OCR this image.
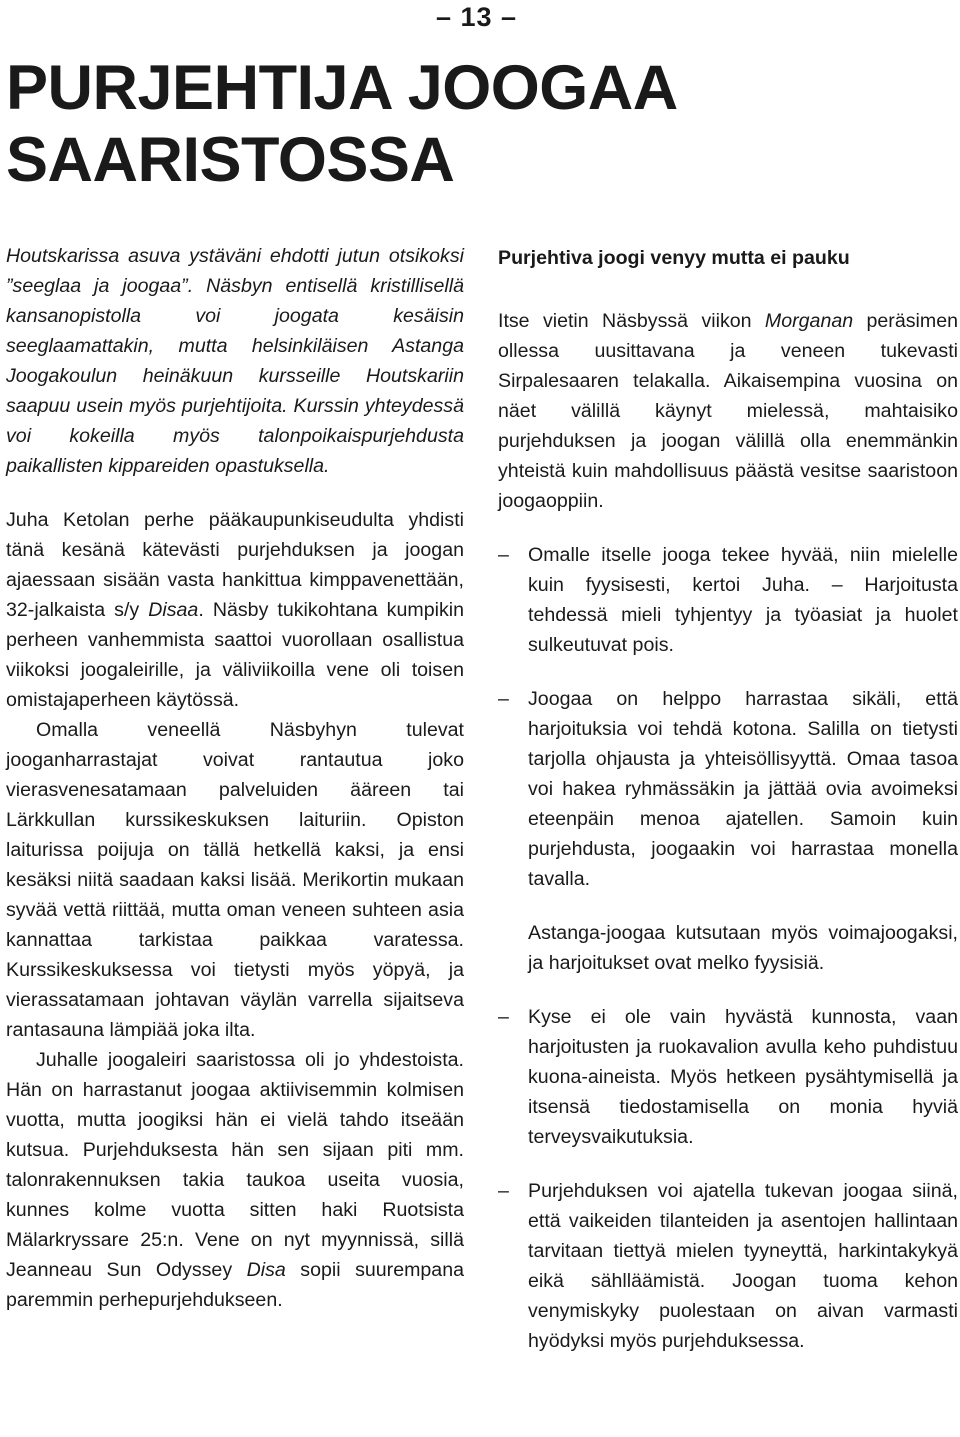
– 13 –
PURJEHTIJA JOOGAA
SAARISTOSSA

Houtskarissa asuva ystäväni ehdotti jutun otsikoksi ”seeglaa ja joogaa”. Näsbyn entisellä kristillisellä kansanopistolla voi joogata kesäisin seeglaamattakin, mutta helsinkiläisen Astanga Joogakoulun heinäkuun kursseille Houtskariin saapuu usein myös purjehtijoita. Kurssin yhteydessä voi kokeilla myös talonpoikaispurjehdusta paikallisten kippareiden opastuksella.

Juha Ketolan perhe pääkaupunkiseudulta yhdisti tänä kesänä kätevästi purjehduksen ja joogan ajaessaan sisään vasta hankittua kimppavenettään, 32-jalkaista s/y Disaa. Näsby tukikohtana kumpikin perheen vanhemmista saattoi vuorollaan osallistua viikoksi joogaleirille, ja väliviikoilla vene oli toisen omistajaperheen käytössä.

Omalla veneellä Näsbyhyn tulevat jooganharrastajat voivat rantautua joko vierasvenesatamaan palveluiden ääreen tai Lärkkullan kurssikeskuksen laituriin. Opiston laiturissa poijuja on tällä hetkellä kaksi, ja ensi kesäksi niitä saadaan kaksi lisää. Merikortin mukaan syvää vettä riittää, mutta oman veneen suhteen asia kannattaa tarkistaa paikkaa varatessa. Kurssikeskuksessa voi tietysti myös yöpyä, ja vierassatamaan johtavan väylän varrella sijaitseva rantasauna lämpiää joka ilta.

Juhalle joogaleiri saaristossa oli jo yhdestoista. Hän on harrastanut joogaa aktiivisemmin kolmisen vuotta, mutta joogiksi hän ei vielä tahdo itseään kutsua. Purjehduksesta hän sen sijaan piti mm. talonrakennuksen takia taukoa useita vuosia, kunnes kolme vuotta sitten haki Ruotsista Mälarkryssare 25:n. Vene on nyt myynnissä, sillä Jeanneau Sun Odyssey Disa sopii suurempana paremmin perhepurjehdukseen.

Purjehtiva joogi venyy mutta ei pauku

Itse vietin Näsbyssä viikon Morganan peräsimen ollessa uusittavana ja veneen tukevasti Sirpalesaaren telakalla. Aikaisempina vuosina on näet välillä käynyt mielessä, mahtaisiko purjehduksen ja joogan välillä olla enemmänkin yhteistä kuin mahdollisuus päästä vesitse saaristoon joogaoppiin.

– Omalle itselle jooga tekee hyvää, niin mielelle kuin fyysisesti, kertoi Juha. – Harjoitusta tehdessä mieli tyhjentyy ja työasiat ja huolet sulkeutuvat pois.

– Joogaa on helppo harrastaa sikäli, että harjoituksia voi tehdä kotona. Salilla on tietysti tarjolla ohjausta ja yhteisöllisyyttä. Omaa tasoa voi hakea ryhmässäkin ja jättää ovia avoimeksi eteenpäin menoa ajatellen. Samoin kuin purjehdusta, joogaakin voi harrastaa monella tavalla.

Astanga-joogaa kutsutaan myös voimajoogaksi, ja harjoitukset ovat melko fyysisiä.

– Kyse ei ole vain hyvästä kunnosta, vaan harjoitusten ja ruokavalion avulla keho puhdistuu kuona-aineista. Myös hetkeen pysähtymisellä ja itsensä tiedostamisella on monia hyviä terveysvaikutuksia.

– Purjehduksen voi ajatella tukevan joogaa siinä, että vaikeiden tilanteiden ja asentojen hallintaan tarvitaan tiettyä mielen tyyneyttä, harkintakykyä eikä sählläämistä. Joogan tuoma kehon venymiskyky puolestaan on aivan varmasti hyödyksi myös purjehduksessa.
